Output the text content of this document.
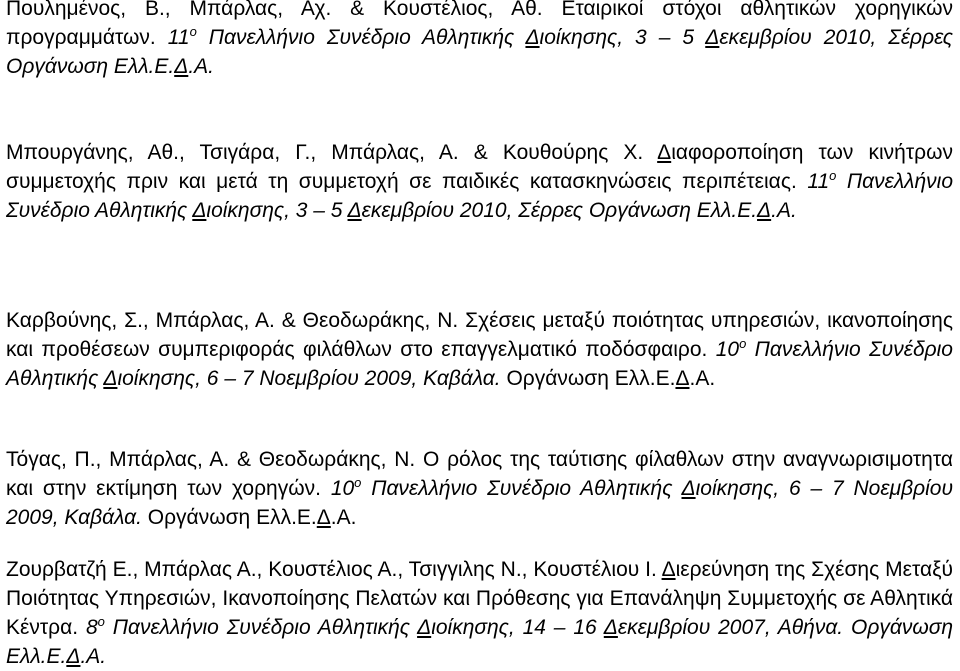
Πουλημένος, Β., Μπάρλας, Αχ. & Κουστέλιος, Αθ. Εταιρικοί στόχοι αθλητικών χορηγικών προγραμμάτων. $11^o$ Πανελλήνιο Συνέδριο Αθλητικής Διοίκησης, 3 – 5 Δεκεμβρίου 2010, Σέρρες Οργάνωση Ελλ.Ε.Δ.Α.

Μπουργάνης, Αθ., Τσιγάρα, Γ., Μπάρλας, Α. & Κουθούρης Χ. Διαφοροποίηση των κινήτρων συμμετοχής πριν και μετά τη συμμετοχή σε παιδικές κατασκηνώσεις περιπέτειας. $11^o$ Πανελλήνιο Συνέδριο Αθλητικής Διοίκησης, 3 – 5 Δεκεμβρίου 2010, Σέρρες Οργάνωση Ελλ.Ε.Δ.Α.

Καρβούνης, Σ., Μπάρλας, Α. & Θεοδωράκης, Ν. Σχέσεις μεταξύ ποιότητας υπηρεσιών, ικανοποίησης και προθέσεων συμπεριφοράς φιλάθλων στο επαγγελματικό ποδόσφαιρο. $10^o$ Πανελλήνιο Συνέδριο Αθλητικής Διοίκησης, 6 – 7 Νοεμβρίου 2009, Καβάλα. Οργάνωση Ελλ.Ε.Δ.Α.

Τόγας, Π., Μπάρλας, Α. & Θεοδωράκης, Ν. Ο ρόλος της ταύτισης φίλαθλων στην αναγνωρισιμοτητα και στην εκτίμηση των χορηγών. $10^o$ Πανελλήνιο Συνέδριο Αθλητικής Διοίκησης, 6 – 7 Νοεμβρίου 2009, Καβάλα. Οργάνωση Ελλ.Ε.Δ.Α.

Ζουρβατζή Ε., Μπάρλας Α., Κουστέλιος Α., Τσιγγιλης Ν., Κουστέλιου Ι. Διερεύνηση της Σχέσης Μεταξύ Ποιότητας Υπηρεσιών, Ικανοποίησης Πελατών και Πρόθεσης για Επανάληψη Συμμετοχής σε Αθλητικά Κέντρα. $8^o$ Πανελλήνιο Συνέδριο Αθλητικής Διοίκησης, 14 – 16 Δεκεμβρίου 2007, Αθήνα. Οργάνωση Ελλ.Ε.Δ.Α.
